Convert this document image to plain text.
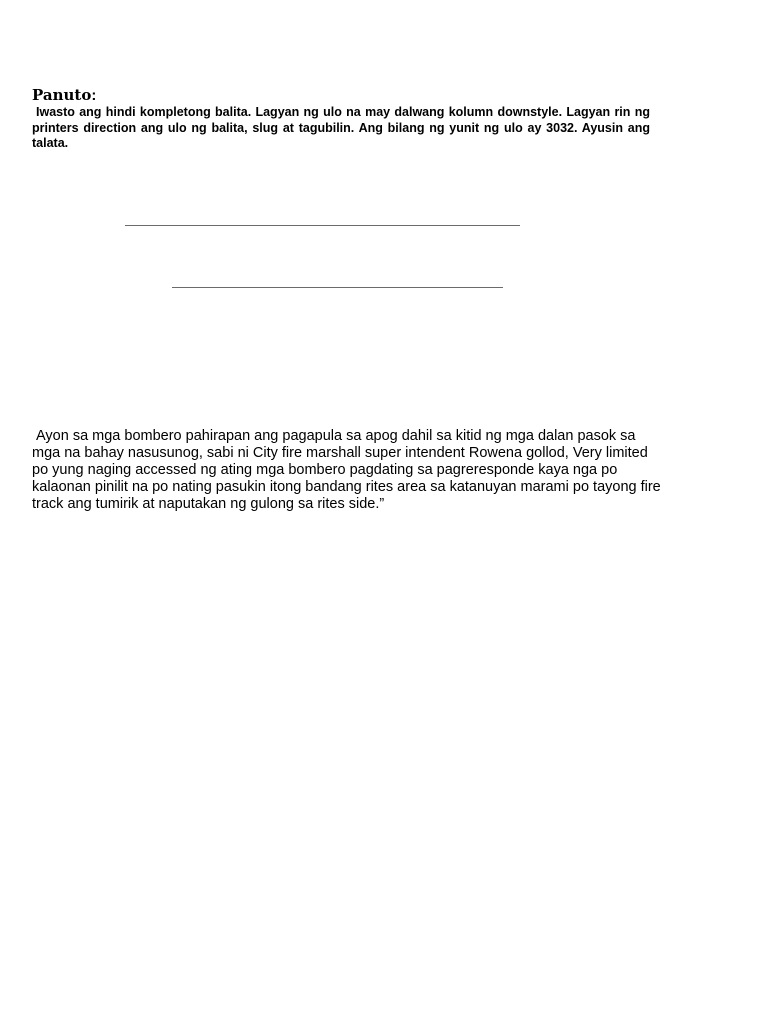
Panuto:
Iwasto ang hindi kompletong balita. Lagyan ng ulo na may dalwang kolumn downstyle. Lagyan rin ng printers direction ang ulo ng balita, slug at tagubilin. Ang bilang ng yunit ng ulo ay 3032. Ayusin ang talata.
Ayon sa mga bombero pahirapan ang pagapula sa apog dahil sa kitid ng mga dalan pasok sa mga na bahay nasusunog, sabi ni City fire marshall super intendent Rowena gollod, Very limited po yung naging accessed ng ating mga bombero pagdating sa pagreresponde kaya nga po kalaonan pinilit na po nating pasukin itong bandang rites area sa katanuyan marami po tayong fire track ang tumirik at naputakan ng gulong sa rites side.”
